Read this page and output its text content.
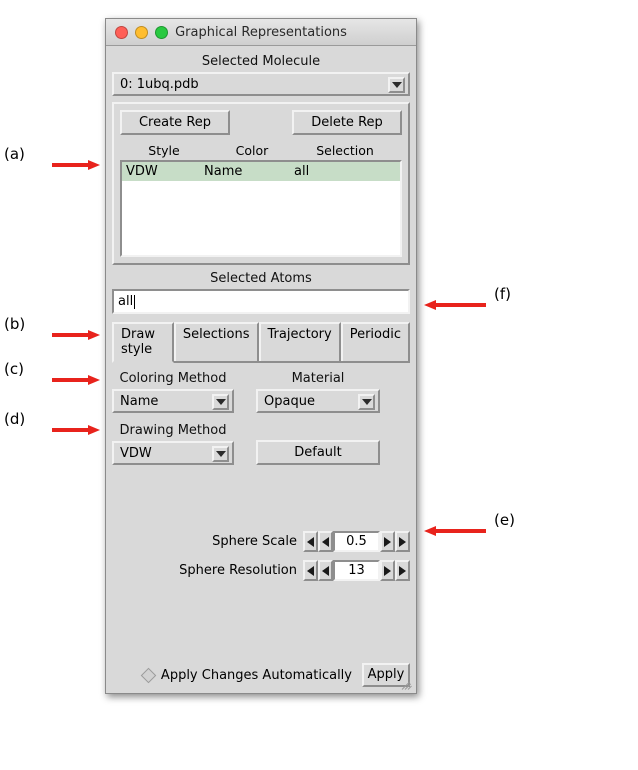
(a)
(b)
(c)
(d)
(e)
(f)
Graphical Representations
Selected Molecule
0: 1ubq.pdb
Create Rep	Delete Rep
Style	Color	Selection
VDW	Name	all
Selected Atoms
all
Draw style
Selections	Trajectory	Periodic
Coloring Method
Name
Material
Opaque
Drawing Method
VDW	Default
Sphere Scale	0.5
Sphere Resolution	13
Apply Changes Automatically	Apply
